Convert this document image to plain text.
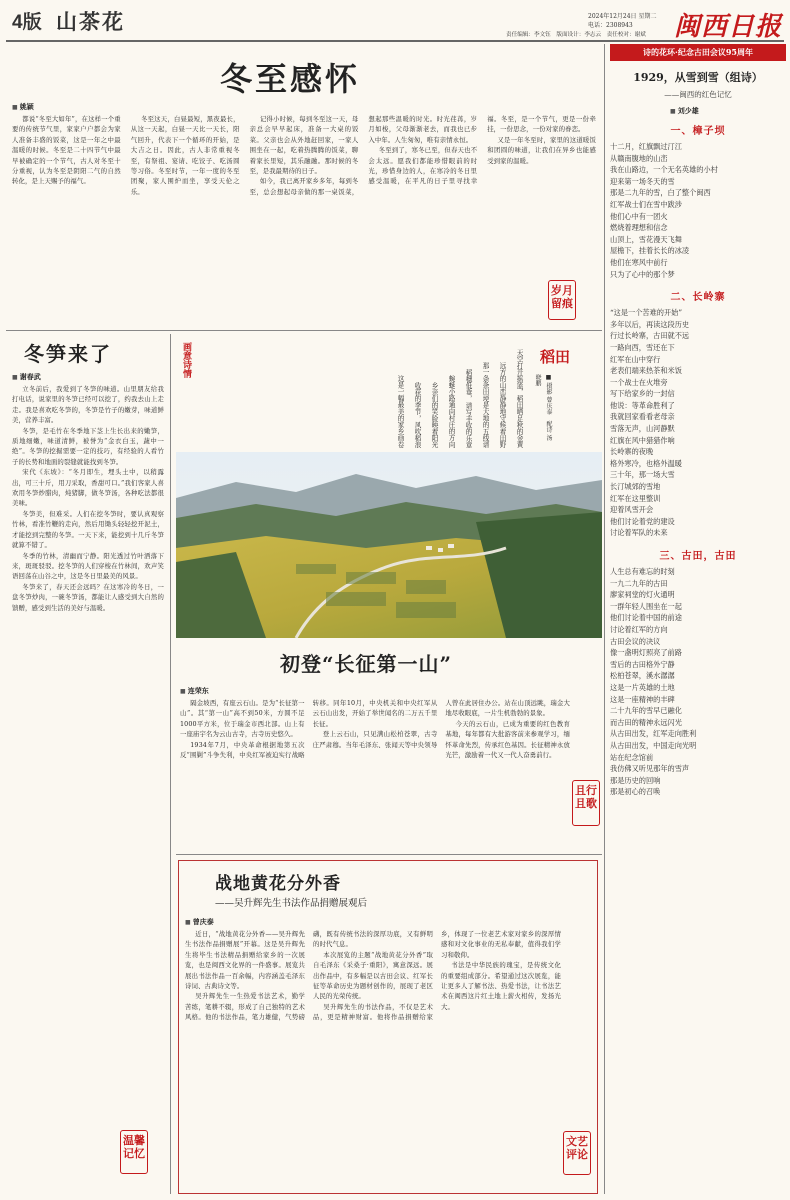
4版 山茶花	2024年12月24日 星期二
电话：2308943
责任编辑：李文钰　版面设计：李志云　责任校对：谢斌 闽西日报
冬至感怀
■ 姚颖

都说“冬至大如年”，在这样一个重要的传统节气里，家家户户都会为家人准备丰盛的饭菜，这是一年之中最温暖的时候。冬至是二十四节气中最早被确定的一个节气，古人对冬至十分重视，认为冬至是阴阳二气的自然转化，是上天赐予的福气。

冬至这天，白昼最短，黑夜最长，从这一天起，白昼一天比一天长，阳气回升，代表下一个循环的开始，是大吉之日。因此，古人非常重视冬至，有祭祖、宴请、吃饺子、吃汤圆等习俗。冬至时节，一年一度的冬至团聚，家人围炉而坐，享受天伦之乐。

记得小时候，每到冬至这一天，母亲总会早早起床，准备一大桌的饭菜。父亲也会从外地赶回家，一家人围坐在一起，吃着热腾腾的饭菜，聊着家长里短，其乐融融。那时候的冬至，是我最期待的日子。

如今，我已离开家乡多年，每到冬至，总会想起母亲做的那一桌饭菜，想起那些温暖的时光。时光荏苒，岁月如梭，父母渐渐老去，而我也已步入中年。人生匆匆，唯有亲情永恒。

冬至到了，寒冬已至，但春天也不会太远。愿我们都能珍惜眼前的时光，珍惜身边的人，在寒冷的冬日里感受温暖，在平凡的日子里寻找幸福。冬至，是一个节气，更是一份牵挂，一份思念，一份对家的眷恋。

又是一年冬至时，家里的这道暖饭和团圆的味道，让我们在异乡也能感受到家的温暖。

岁月留痕
冬笋来了
■ 谢春武

立冬前后，我爱到了冬笋的味道。山里朋友给我打电话，说家里的冬笋已经可以挖了，约我去山上走走。我是喜欢吃冬笋的，冬笋是竹子的嫩芽，味道鲜美，营养丰富。

冬笋，是毛竹在冬季地下茎上生长出来的嫩笋，质地细嫩，味道清鲜，被誉为“金衣白玉，蔬中一绝”。冬笋的挖掘需要一定的技巧，有经验的人看竹子的长势和地面的裂缝就能找到冬笋。

宋代《东坡》：“冬月即生，埋头土中，以稍露出，可三十斤，用刀采取，香甜可口。”我们客家人喜欢用冬笋炒腊肉，炖猪脚，做冬笋汤，各种吃法都很美味。

冬笋美，但难采。人们在挖冬笋时，要认真观察竹林，看准竹鞭的走向，然后用锄头轻轻挖开泥土，才能挖到完整的冬笋。一天下来，能挖到十几斤冬笋就算不错了。

冬季的竹林，清幽而宁静。阳光透过竹叶洒落下来，斑斑驳驳。挖冬笋的人们穿梭在竹林间，欢声笑语回荡在山谷之中，这是冬日里最美的风景。

冬笋来了，春天还会远吗？在这寒冷的冬日，一盘冬笋炒肉，一碗冬笋汤，都能让人感受到大自然的馈赠，感受到生活的美好与温暖。

温馨记忆
画意诗情	天空打开摇篮，稻田晒足秋的金黄
远方的山峦静静地守候着田野
那一条条田埂是大地的五线谱
稻穗低垂，谱写丰收的乐章
蜿蜒小路通向村庄的方向
乡亲们的笑脸映着阳光
收获的季节，风吹稻浪
这是一幅最美的家乡画卷
稻田
■ 摄影 曾庆泰　配诗 汤晓鹏
初登“长征第一山”
■ 连荣东

隔金坡西，有座云石山。是为“长征第一山”。其“第一山”高不到50米，方圆不足1000平方米，位于瑞金市西北部。山上有一座庙宇名为云山古寺，古寺历史悠久。

1934年7月，中央革命根据地第五次反“围剿”斗争失利，中央红军被迫实行战略转移。同年10月，中央机关和中央红军从云石山出发，开始了举世闻名的二万五千里长征。

登上云石山，只见满山松柏苍翠，古寺庄严肃穆。当年毛泽东、张闻天等中央领导人曾在此居住办公。站在山顶远眺，瑞金大地尽收眼底，一片生机勃勃的景象。

今天的云石山，已成为重要的红色教育基地，每年都有大批游客前来参观学习，缅怀革命先烈，传承红色基因。长征精神永放光芒，激励着一代又一代人奋勇前行。

且行且歌
战地黄花分外香
——吴升辉先生书法作品捐赠展观后
■ 曾庆泰

近日，“战地黄花分外香——吴升辉先生书法作品捐赠展”开幕。这是吴升辉先生将毕生书法精品捐赠给家乡的一次展览，也是闽西文化界的一件盛事。展览共展出书法作品一百余幅，内容涵盖毛泽东诗词、古典诗文等。

吴升辉先生一生热爱书法艺术，勤学苦练，笔耕不辍，形成了自己独特的艺术风格。他的书法作品，笔力雄健，气势磅礴，既有传统书法的深厚功底，又有鲜明的时代气息。

本次展览的主题“战地黄花分外香”取自毛泽东《采桑子·重阳》，寓意深远。展出作品中，有多幅是以古田会议、红军长征等革命历史为题材创作的，展现了老区人民的光荣传统。

吴升辉先生的书法作品，不仅是艺术品，更是精神财富。他将作品捐赠给家乡，体现了一位老艺术家对家乡的深厚情感和对文化事业的无私奉献，值得我们学习和敬仰。

书法是中华民族的瑰宝，是传统文化的重要组成部分。希望通过这次展览，能让更多人了解书法、热爱书法，让书法艺术在闽西这片红土地上薪火相传，发扬光大。

文艺评论
诗的花环·纪念古田会议95周年
1929，从雪到雪（组诗）
——闽西的红色记忆
■ 刘少雄
一、樟子坝
十二月，红旗飘过汀江
从赣南腹地的山峦
我在山路边，一个无名英雄的小村
迎来第一场冬天的雪
那是二九年的雪，白了整个闽西
红军战士们在雪中跋涉
他们心中有一团火
燃烧着理想和信念
山顶上，雪花漫天飞舞
屋檐下，挂着长长的冰凌
他们在寒风中前行
只为了心中的那个梦
二、长岭寨
“这是一个苦难的开始”
多年以后，再读这段历史
行过长岭寨，古田就不远
一路向西，雪还在下
红军在山中穿行
老表们端来热茶和米饭
一个战士在火堆旁
写下给家乡的一封信
他说：等革命胜利了
我就回家看看老母亲
雪落无声，山河静默
红旗在风中猎猎作响
长岭寨的夜晚
格外寒冷，也格外温暖
三十年，那一场大雪
长汀城郊的雪地
红军在这里整训
迎着风雪开会
他们讨论着党的建设
讨论着军队的未来
三、古田，古田
人生总有难忘的时刻
一九二九年的古田
廖家祠堂的灯火通明
一群年轻人围坐在一起
他们讨论着中国的前途
讨论着红军的方向
古田会议的决议
像一盏明灯照亮了前路
雪后的古田格外宁静
松柏苍翠，溪水潺潺
这是一片英雄的土地
这是一座精神的丰碑
二十九年的雪早已融化
而古田的精神永远闪光
从古田出发，红军走向胜利
从古田出发，中国走向光明
站在纪念馆前
我仿佛又听见那年的雪声
那是历史的回响
那是初心的召唤
